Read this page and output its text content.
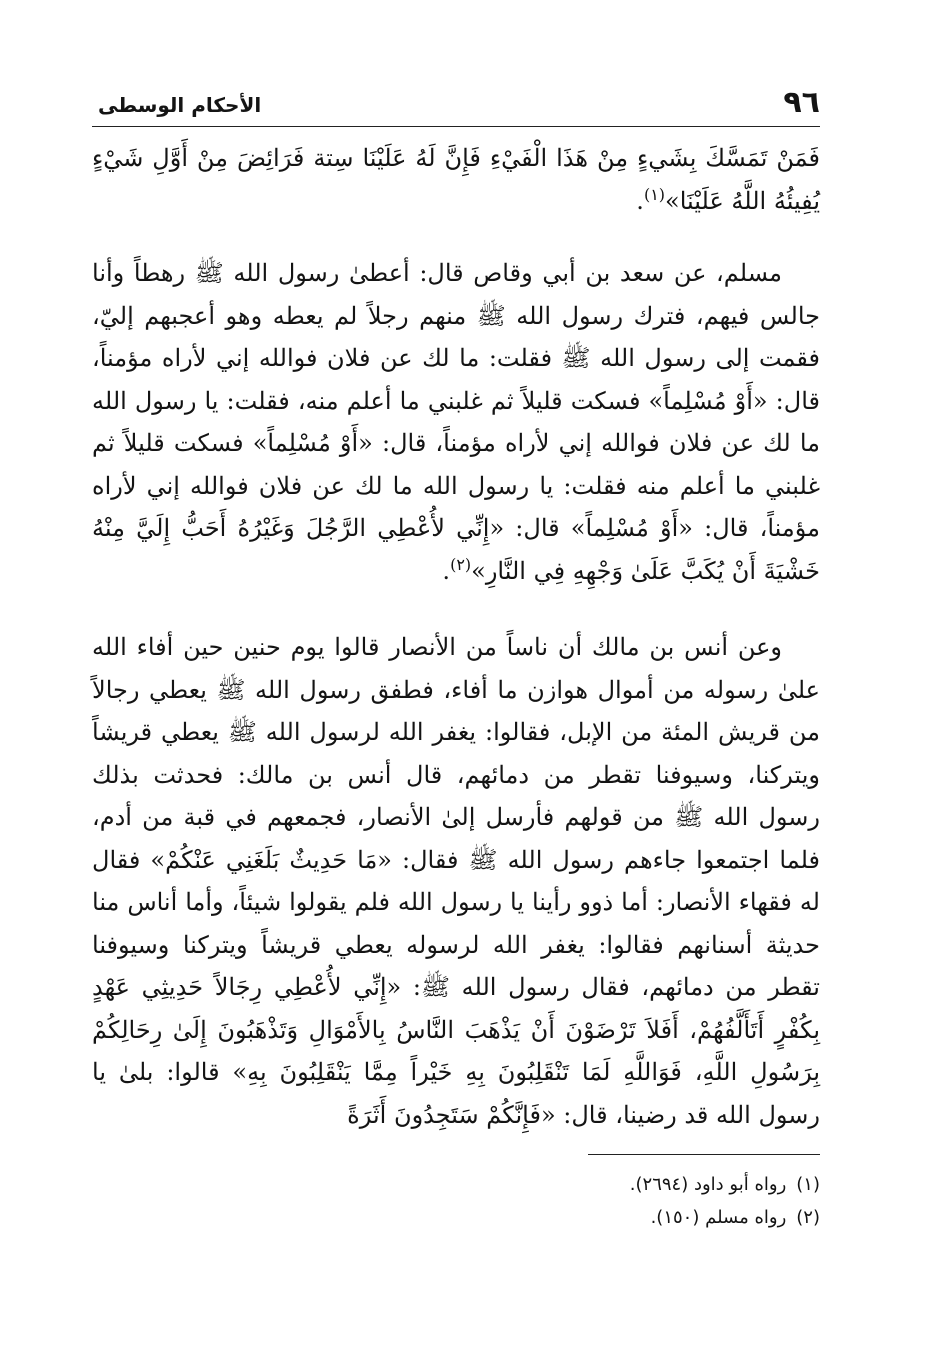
٩٦
الأحكام الوسطى

فَمَنْ تَمَسَّكَ بِشَيءٍ مِنْ هَذَا الْفَيْءِ فَإِنَّ لَهُ عَلَيْنَا سِتة فَرَائِضَ مِنْ أَوَّلِ شَيْءٍ يُفِيئُهُ اللَّهُ عَلَيْنَا»$^{(١)}$.

مسلم، عن سعد بن أبي وقاص قال: أعطىٰ رسول الله ﷺ رهطاً وأنا جالس فيهم، فترك رسول الله ﷺ منهم رجلاً لم يعطه وهو أعجبهم إليّ، فقمت إلى رسول الله ﷺ فقلت: ما لك عن فلان فوالله إني لأراه مؤمناً، قال: «أَوْ مُسْلِماً» فسكت قليلاً ثم غلبني ما أعلم منه، فقلت: يا رسول الله ما لك عن فلان فوالله إني لأراه مؤمناً، قال: «أَوْ مُسْلِماً» فسكت قليلاً ثم غلبني ما أعلم منه فقلت: يا رسول الله ما لك عن فلان فوالله إني لأراه مؤمناً، قال: «أَوْ مُسْلِماً» قال: «إِنِّي لأُعْطِي الرَّجُلَ وَغَيْرُهُ أَحَبُّ إِلَيَّ مِنْهُ خَشْيَةَ أَنْ يُكَبَّ عَلَىٰ وَجْهِهِ فِي النَّارِ»$^{(٢)}$.

وعن أنس بن مالك أن ناساً من الأنصار قالوا يوم حنين حين أفاء الله علىٰ رسوله من أموال هوازن ما أفاء، فطفق رسول الله ﷺ يعطي رجالاً من قريش المئة من الإبل، فقالوا: يغفر الله لرسول الله ﷺ يعطي قريشاً ويتركنا، وسيوفنا تقطر من دمائهم، قال أنس بن مالك: فحدثت بذلك رسول الله ﷺ من قولهم فأرسل إلىٰ الأنصار، فجمعهم في قبة من أدم، فلما اجتمعوا جاءهم رسول الله ﷺ فقال: «مَا حَدِيثٌ بَلَغَنِي عَنْكُمْ» فقال له فقهاء الأنصار: أما ذوو رأينا يا رسول الله فلم يقولوا شيئاً، وأما أناس منا حديثة أسنانهم فقالوا: يغفر الله لرسوله يعطي قريشاً ويتركنا وسيوفنا تقطر من دمائهم، فقال رسول الله ﷺ: «إِنِّي لأُعْطِي رِجَالاً حَدِيثِي عَهْدٍ بِكُفْرٍ أَتَأَلَّفُهُمْ، أَفَلاَ تَرْضَوْنَ أَنْ يَذْهَبَ النَّاسُ بِالأَمْوَالِ وَتَذْهَبُونَ إِلَىٰ رِحَالِكُمْ بِرَسُولِ اللَّهِ، فَوَاللَّهِ لَمَا تَنْقَلِبُونَ بِهِ خَيْراً مِمَّا يَنْقَلِبُونَ بِهِ» قالوا: بلىٰ يا رسول الله قد رضينا، قال: «فَإِنَّكُمْ سَتَجِدُونَ أَثَرَةً

(١)رواه أبو داود (٢٦٩٤).
(٢)رواه مسلم (١٥٠).
